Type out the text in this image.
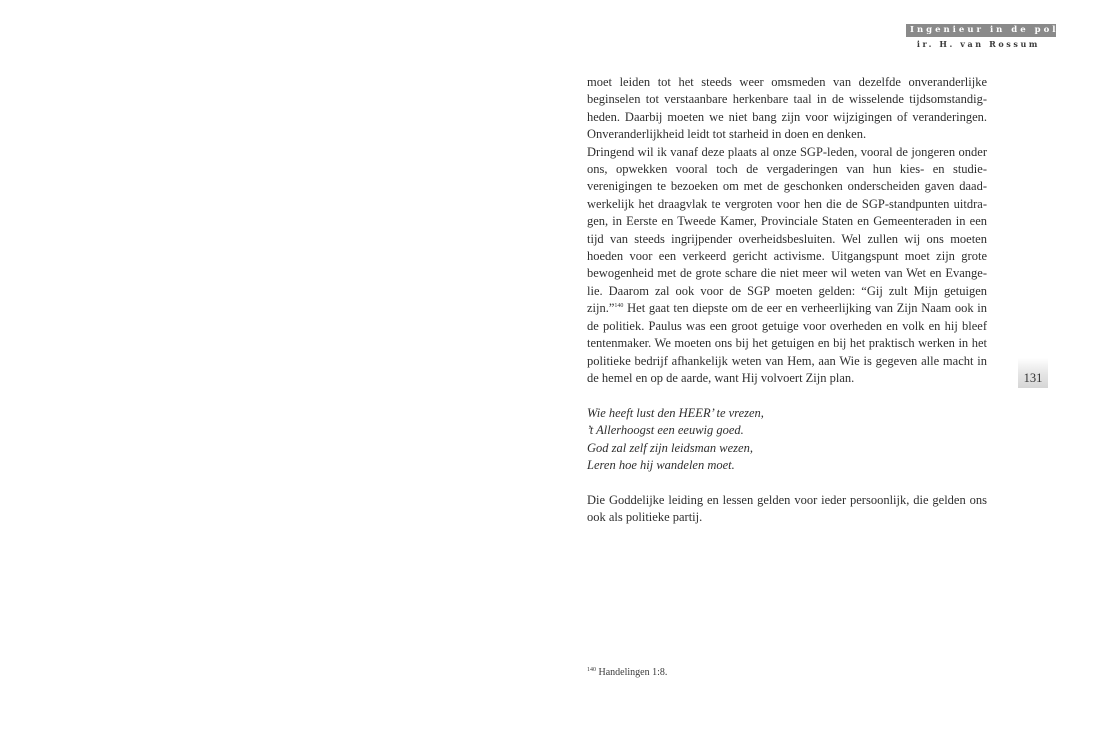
Ingenieur in de politiek
ir. H. van Rossum

moet leiden tot het steeds weer omsmeden van dezelfde onveranderlijke beginselen tot verstaanbare herkenbare taal in de wisselende tijdsomstandigheden. Daarbij moeten we niet bang zijn voor wijzigingen of veranderingen. Onveranderlijkheid leidt tot starheid in doen en denken.

Dringend wil ik vanaf deze plaats al onze SGP-leden, vooral de jongeren onder ons, opwekken vooral toch de vergaderingen van hun kies- en studieverenigingen te bezoeken om met de geschonken onderscheiden gaven daadwerkelijk het draagvlak te vergroten voor hen die de SGP-standpunten uitdragen, in Eerste en Tweede Kamer, Provinciale Staten en Gemeenteraden in een tijd van steeds ingrijpender overheidsbesluiten. Wel zullen wij ons moeten hoeden voor een verkeerd gericht activisme. Uitgangspunt moet zijn grote bewogenheid met de grote schare die niet meer wil weten van Wet en Evangelie. Daarom zal ook voor de SGP moeten gelden: “Gij zult Mijn getuigen zijn.”$^{140}$ Het gaat ten diepste om de eer en verheerlijking van Zijn Naam ook in de politiek. Paulus was een groot getuige voor overheden en volk en hij bleef tentenmaker. We moeten ons bij het getuigen en bij het praktisch werken in het politieke bedrijf afhankelijk weten van Hem, aan Wie is gegeven alle macht in de hemel en op de aarde, want Hij volvoert Zijn plan.

Wie heeft lust den HEER’ te vrezen,
’t Allerhoogst een eeuwig goed.
God zal zelf zijn leidsman wezen,
Leren hoe hij wandelen moet.

Die Goddelijke leiding en lessen gelden voor ieder persoonlijk, die gelden ons ook als politieke partij.

131
$^{140}$ Handelingen 1:8.
